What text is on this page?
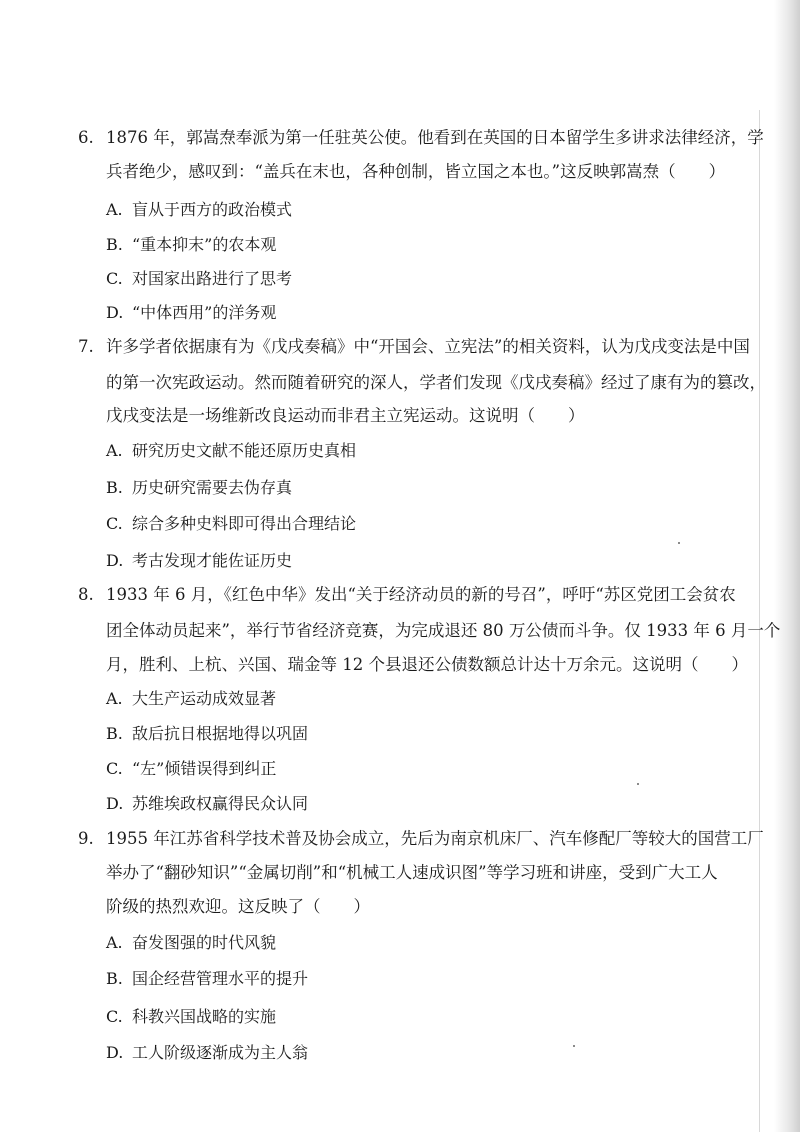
6. 1876 年，郭嵩焘奉派为第一任驻英公使。他看到在英国的日本留学生多讲求法律经济，学
兵者绝少，感叹到：“盖兵在末也，各种创制，皆立国之本也。”这反映郭嵩焘（　　）
A. 盲从于西方的政治模式
B. “重本抑末”的农本观
C. 对国家出路进行了思考
D. “中体西用”的洋务观
7. 许多学者依据康有为《戊戌奏稿》中“开国会、立宪法”的相关资料，认为戊戌变法是中国
的第一次宪政运动。然而随着研究的深人，学者们发现《戊戌奏稿》经过了康有为的篡改，
戊戌变法是一场维新改良运动而非君主立宪运动。这说明（　　）
A. 研究历史文献不能还原历史真相
B. 历史研究需要去伪存真
C. 综合多种史料即可得出合理结论
D. 考古发现才能佐证历史
8. 1933 年 6 月，《红色中华》发出“关于经济动员的新的号召”，呼吁“苏区党团工会贫农
团全体动员起来”，举行节省经济竞赛，为完成退还 80 万公债而斗争。仅 1933 年 6 月一个
月，胜利、上杭、兴国、瑞金等 12 个县退还公债数额总计达十万余元。这说明（　　）
A. 大生产运动成效显著
B. 敌后抗日根据地得以巩固
C. “左”倾错误得到纠正
D. 苏维埃政权赢得民众认同
9. 1955 年江苏省科学技术普及协会成立，先后为南京机床厂、汽车修配厂等较大的国营工厂
举办了“翻砂知识”“金属切削”和“机械工人速成识图”等学习班和讲座，受到广大工人
阶级的热烈欢迎。这反映了（　　）
A. 奋发图强的时代风貌
B. 国企经营管理水平的提升
C. 科教兴国战略的实施
D. 工人阶级逐渐成为主人翁
